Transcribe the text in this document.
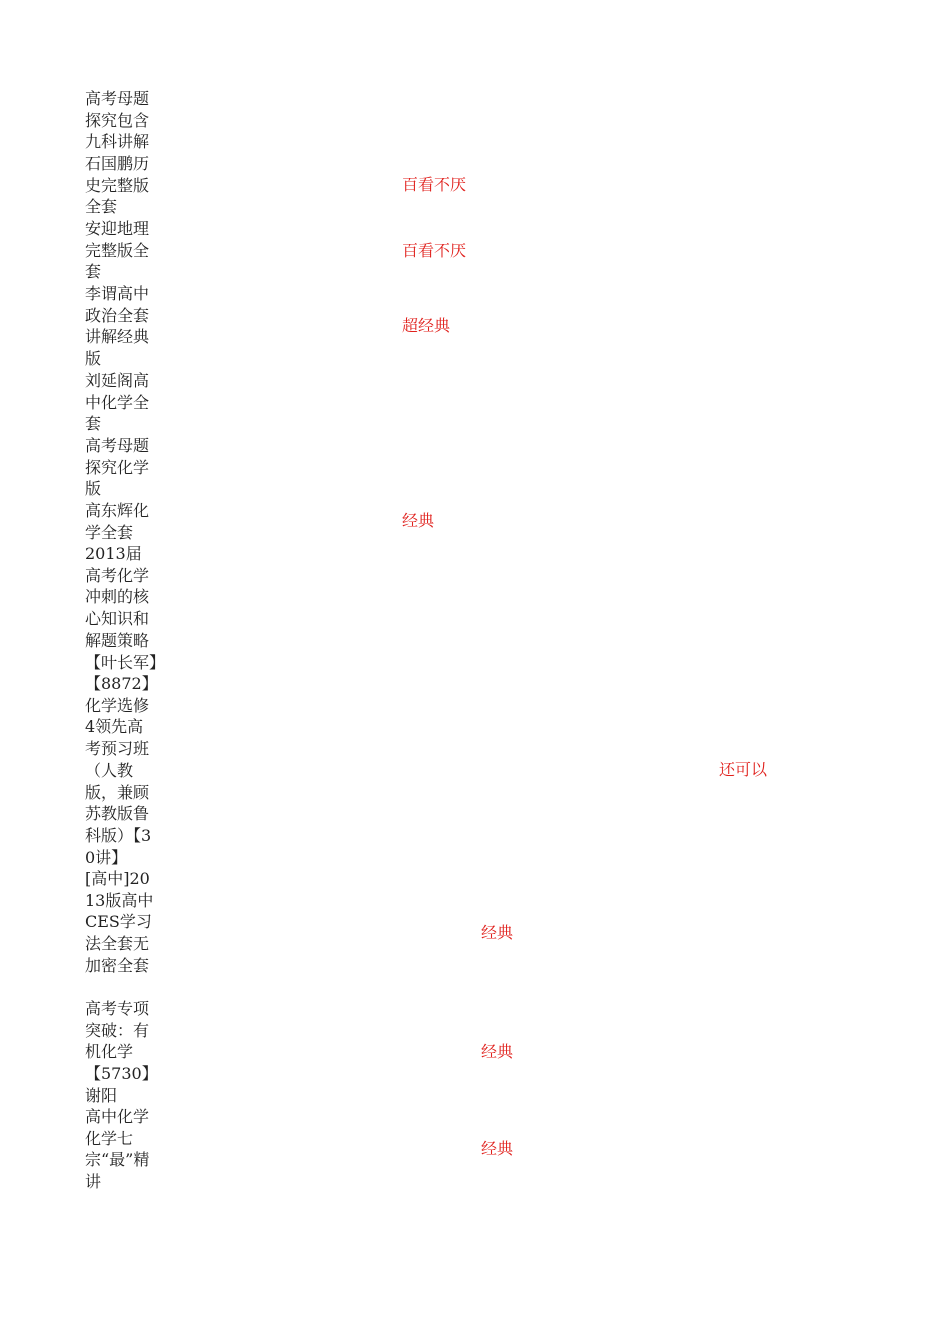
高考母题探究包含九科讲解
石国鹏历史完整版全套
百看不厌
安迎地理完整版全套
百看不厌
李谓高中政治全套讲解经典版
超经典
刘延阁高中化学全套
高考母题探究化学版
高东辉化学全套
经典
2013届高考化学冲刺的核心知识和解题策略【叶长军】
【8872】化学选修4领先高考预习班（人教版，兼顾苏教版鲁科版）【30讲】
还可以
[高中]2013版高中CES学习法全套无加密全套
经典
高考专项突破：有机化学【5730】谢阳
经典
高中化学化学七宗“最”精讲
经典
